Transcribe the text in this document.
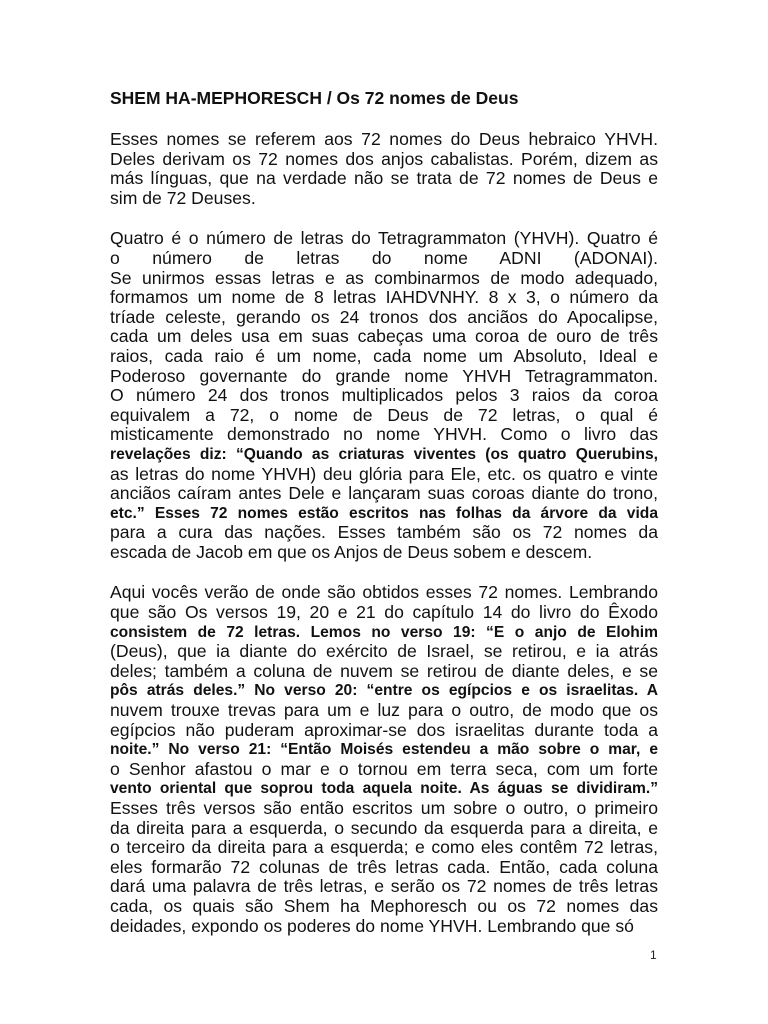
SHEM HA-MEPHORESCH / Os 72 nomes de Deus
Esses nomes se referem aos 72 nomes do Deus hebraico YHVH.
Deles derivam os 72 nomes dos anjos cabalistas. Porém, dizem as
más línguas, que na verdade não se trata de 72 nomes de Deus e
sim de 72 Deuses.
Quatro é o número de letras do Tetragrammaton (YHVH). Quatro é
o número de letras do nome ADNI (ADONAI).
Se unirmos essas letras e as combinarmos de modo adequado,
formamos um nome de 8 letras IAHDVNHY. 8 x 3, o número da
tríade celeste, gerando os 24 tronos dos anciãos do Apocalipse,
cada um deles usa em suas cabeças uma coroa de ouro de três
raios, cada raio é um nome, cada nome um Absoluto, Ideal e
Poderoso governante do grande nome YHVH Tetragrammaton.
O número 24 dos tronos multiplicados pelos 3 raios da coroa
equivalem a 72, o nome de Deus de 72 letras, o qual é
misticamente demonstrado no nome YHVH. Como o livro das
revelações diz: “Quando as criaturas viventes (os quatro Querubins,
as letras do nome YHVH) deu glória para Ele, etc. os quatro e vinte
anciãos caíram antes Dele e lançaram suas coroas diante do trono,
etc.” Esses 72 nomes estão escritos nas folhas da árvore da vida
para a cura das nações. Esses também são os 72 nomes da
escada de Jacob em que os Anjos de Deus sobem e descem.
Aqui vocês verão de onde são obtidos esses 72 nomes. Lembrando
que são Os versos 19, 20 e 21 do capítulo 14 do livro do Êxodo
consistem de 72 letras. Lemos no verso 19: “E o anjo de Elohim
(Deus), que ia diante do exército de Israel, se retirou, e ia atrás
deles; também a coluna de nuvem se retirou de diante deles, e se
pôs atrás deles.” No verso 20: “entre os egípcios e os israelitas. A
nuvem trouxe trevas para um e luz para o outro, de modo que os
egípcios não puderam aproximar-se dos israelitas durante toda a
noite.” No verso 21: “Então Moisés estendeu a mão sobre o mar, e
o Senhor afastou o mar e o tornou em terra seca, com um forte
vento oriental que soprou toda aquela noite. As águas se dividiram.”
Esses três versos são então escritos um sobre o outro, o primeiro
da direita para a esquerda, o secundo da esquerda para a direita, e
o terceiro da direita para a esquerda; e como eles contêm 72 letras,
eles formarão 72 colunas de três letras cada. Então, cada coluna
dará uma palavra de três letras, e serão os 72 nomes de três letras
cada, os quais são Shem ha Mephoresch ou os 72 nomes das
deidades, expondo os poderes do nome YHVH. Lembrando que só
1
